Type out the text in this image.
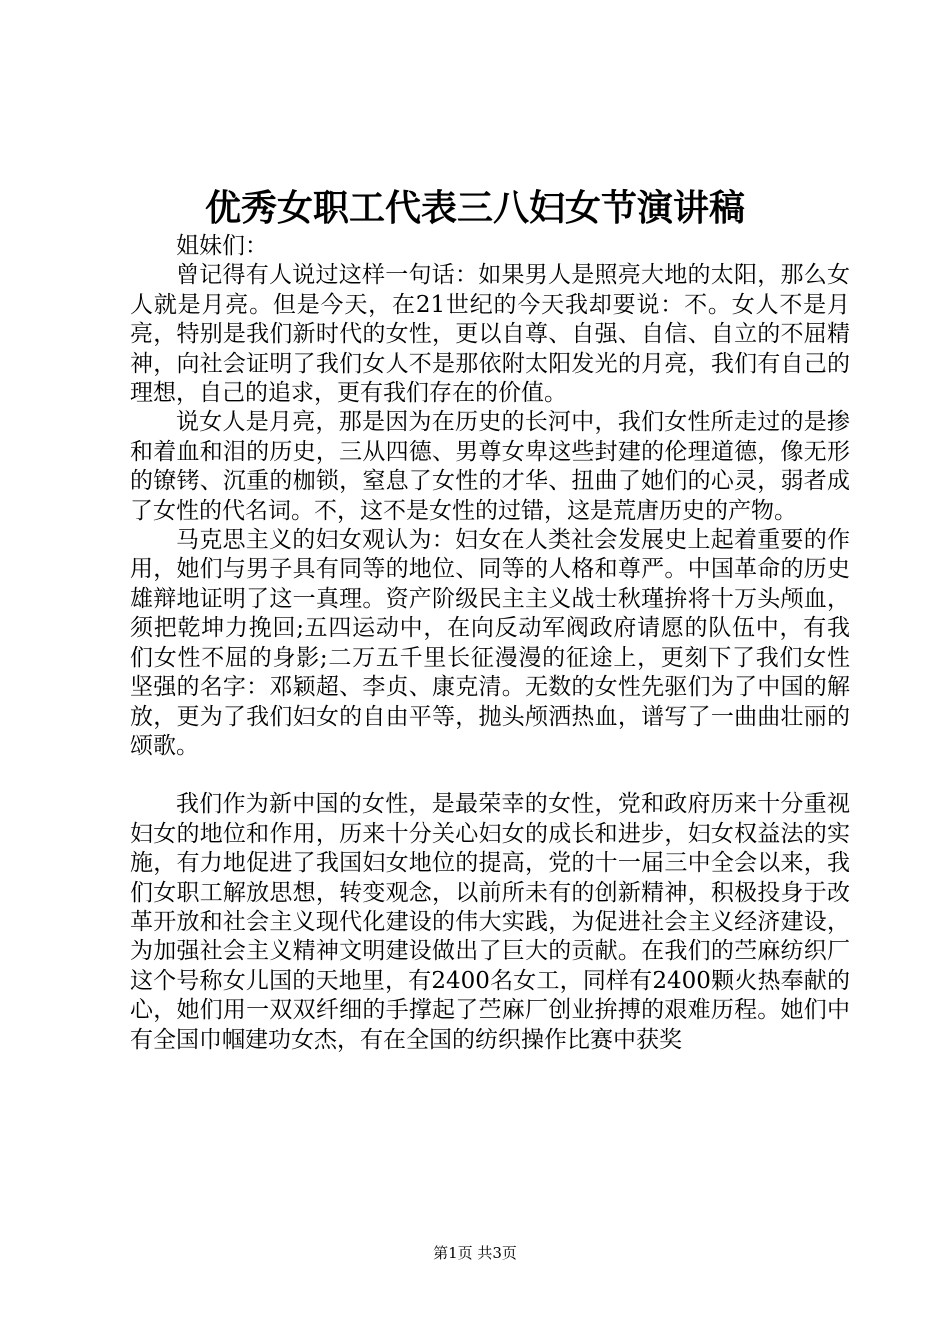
优秀女职工代表三八妇女节演讲稿

姐妹们：

曾记得有人说过这样一句话：如果男人是照亮大地的太阳，那么女人就是月亮。但是今天，在21世纪的今天我却要说：不。女人不是月亮，特别是我们新时代的女性，更以自尊、自强、自信、自立的不屈精神，向社会证明了我们女人不是那依附太阳发光的月亮，我们有自己的理想，自己的追求，更有我们存在的价值。

说女人是月亮，那是因为在历史的长河中，我们女性所走过的是掺和着血和泪的历史，三从四德、男尊女卑这些封建的伦理道德，像无形的镣铐、沉重的枷锁，窒息了女性的才华、扭曲了她们的心灵，弱者成了女性的代名词。不，这不是女性的过错，这是荒唐历史的产物。

马克思主义的妇女观认为：妇女在人类社会发展史上起着重要的作用，她们与男子具有同等的地位、同等的人格和尊严。中国革命的历史雄辩地证明了这一真理。资产阶级民主主义战士秋瑾拚将十万头颅血，须把乾坤力挽回;五四运动中，在向反动军阀政府请愿的队伍中，有我们女性不屈的身影;二万五千里长征漫漫的征途上，更刻下了我们女性坚强的名字：邓颖超、李贞、康克清。无数的女性先驱们为了中国的解放，更为了我们妇女的自由平等，抛头颅洒热血，谱写了一曲曲壮丽的颂歌。

我们作为新中国的女性，是最荣幸的女性，党和政府历来十分重视妇女的地位和作用，历来十分关心妇女的成长和进步，妇女权益法的实施，有力地促进了我国妇女地位的提高，党的十一届三中全会以来，我们女职工解放思想，转变观念，以前所未有的创新精神，积极投身于改革开放和社会主义现代化建设的伟大实践，为促进社会主义经济建设，为加强社会主义精神文明建设做出了巨大的贡献。在我们的苎麻纺织厂这个号称女儿国的天地里，有2400名女工，同样有2400颗火热奉献的心，她们用一双双纤细的手撑起了苎麻厂创业拚搏的艰难历程。她们中有全国巾帼建功女杰，有在全国的纺织操作比赛中获奖

第1页 共3页
